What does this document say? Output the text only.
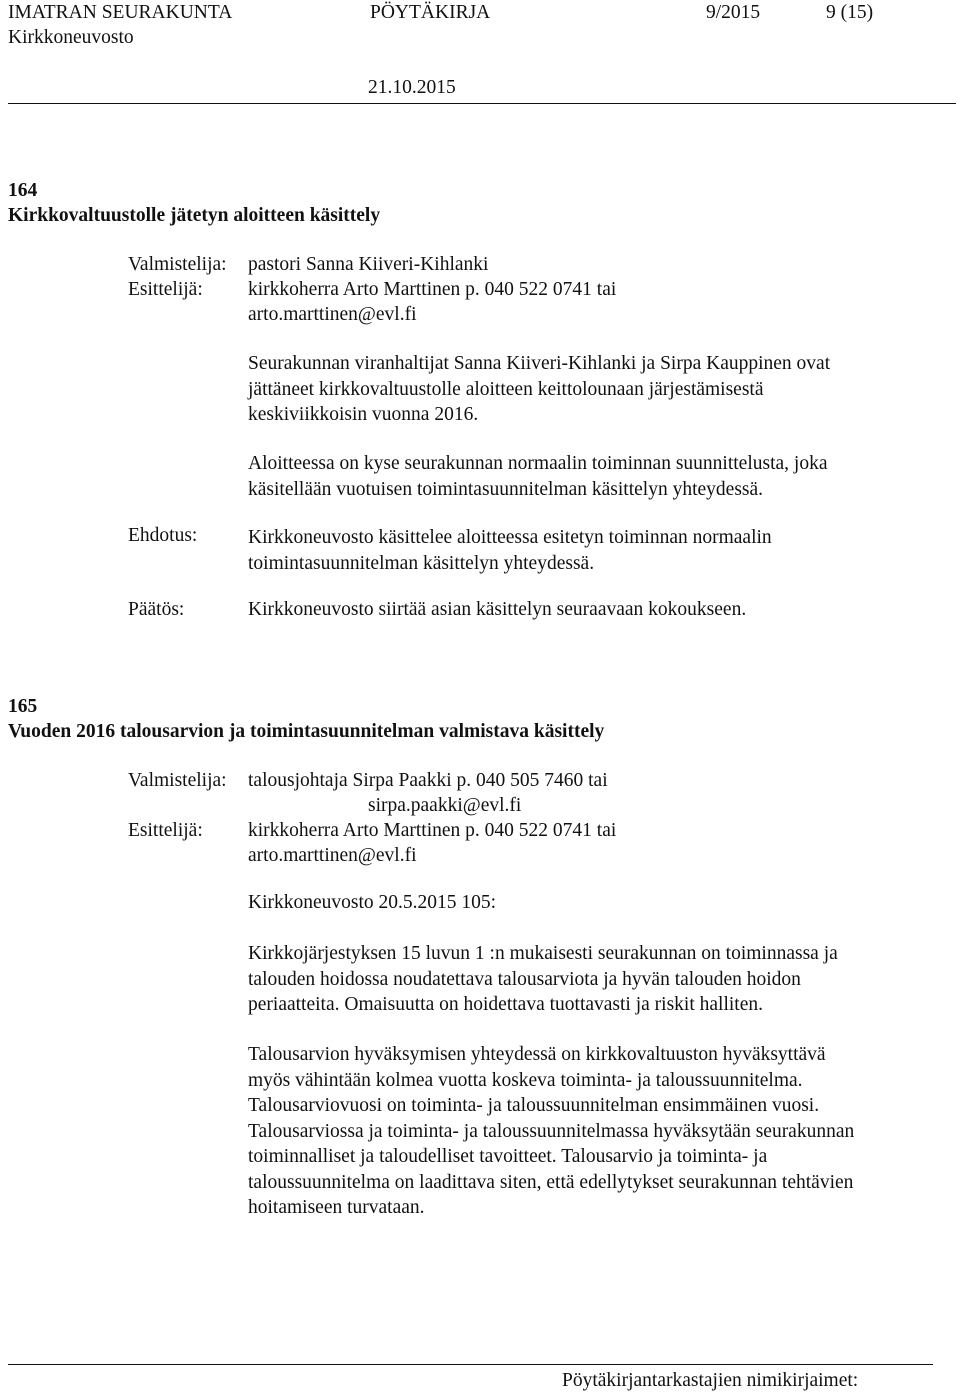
IMATRAN SEURAKUNTA	PÖYTÄKIRJA	9/2015	9 (15)
Kirkkoneuvosto
21.10.2015
164
Kirkkovaltuustolle jätetyn aloitteen käsittely
Valmistelija: pastori Sanna Kiiveri-Kihlanki
Esittelijä: kirkkoherra Arto Marttinen p. 040 522 0741 tai
arto.marttinen@evl.fi
Seurakunnan viranhaltijat Sanna Kiiveri-Kihlanki ja Sirpa Kauppinen ovat
jättäneet kirkkovaltuustolle aloitteen keittolounaan järjestämisestä
keskiviikkoisin vuonna 2016.
Aloitteessa on kyse seurakunnan normaalin toiminnan suunnittelusta, joka
käsitellään vuotuisen toimintasuunnitelman käsittelyn yhteydessä.
Ehdotus:	Kirkkoneuvosto käsittelee aloitteessa esitetyn toiminnan normaalin
toimintasuunnitelman käsittelyn yhteydessä.
Päätös:	Kirkkoneuvosto siirtää asian käsittelyn seuraavaan kokoukseen.
165
Vuoden 2016 talousarvion ja toimintasuunnitelman valmistava käsittely
Valmistelija: talousjohtaja Sirpa Paakki p. 040 505 7460 tai
sirpa.paakki@evl.fi
Esittelijä: kirkkoherra Arto Marttinen p. 040 522 0741 tai
arto.marttinen@evl.fi
Kirkkoneuvosto 20.5.2015 105:
Kirkkojärjestyksen 15 luvun 1 :n mukaisesti seurakunnan on toiminnassa ja
talouden hoidossa noudatettava talousarviota ja hyvän talouden hoidon
periaatteita. Omaisuutta on hoidettava tuottavasti ja riskit halliten.
Talousarvion hyväksymisen yhteydessä on kirkkovaltuuston hyväksyttävä
myös vähintään kolmea vuotta koskeva toiminta- ja taloussuunnitelma.
Talousarviovuosi on toiminta- ja taloussuunnitelman ensimmäinen vuosi.
Talousarviossa ja toiminta- ja taloussuunnitelmassa hyväksytään seurakunnan
toiminnalliset ja taloudelliset tavoitteet. Talousarvio ja toiminta- ja
taloussuunnitelma on laadittava siten, että edellytykset seurakunnan tehtävien
hoitamiseen turvataan.
Pöytäkirjantarkastajien nimikirjaimet:
